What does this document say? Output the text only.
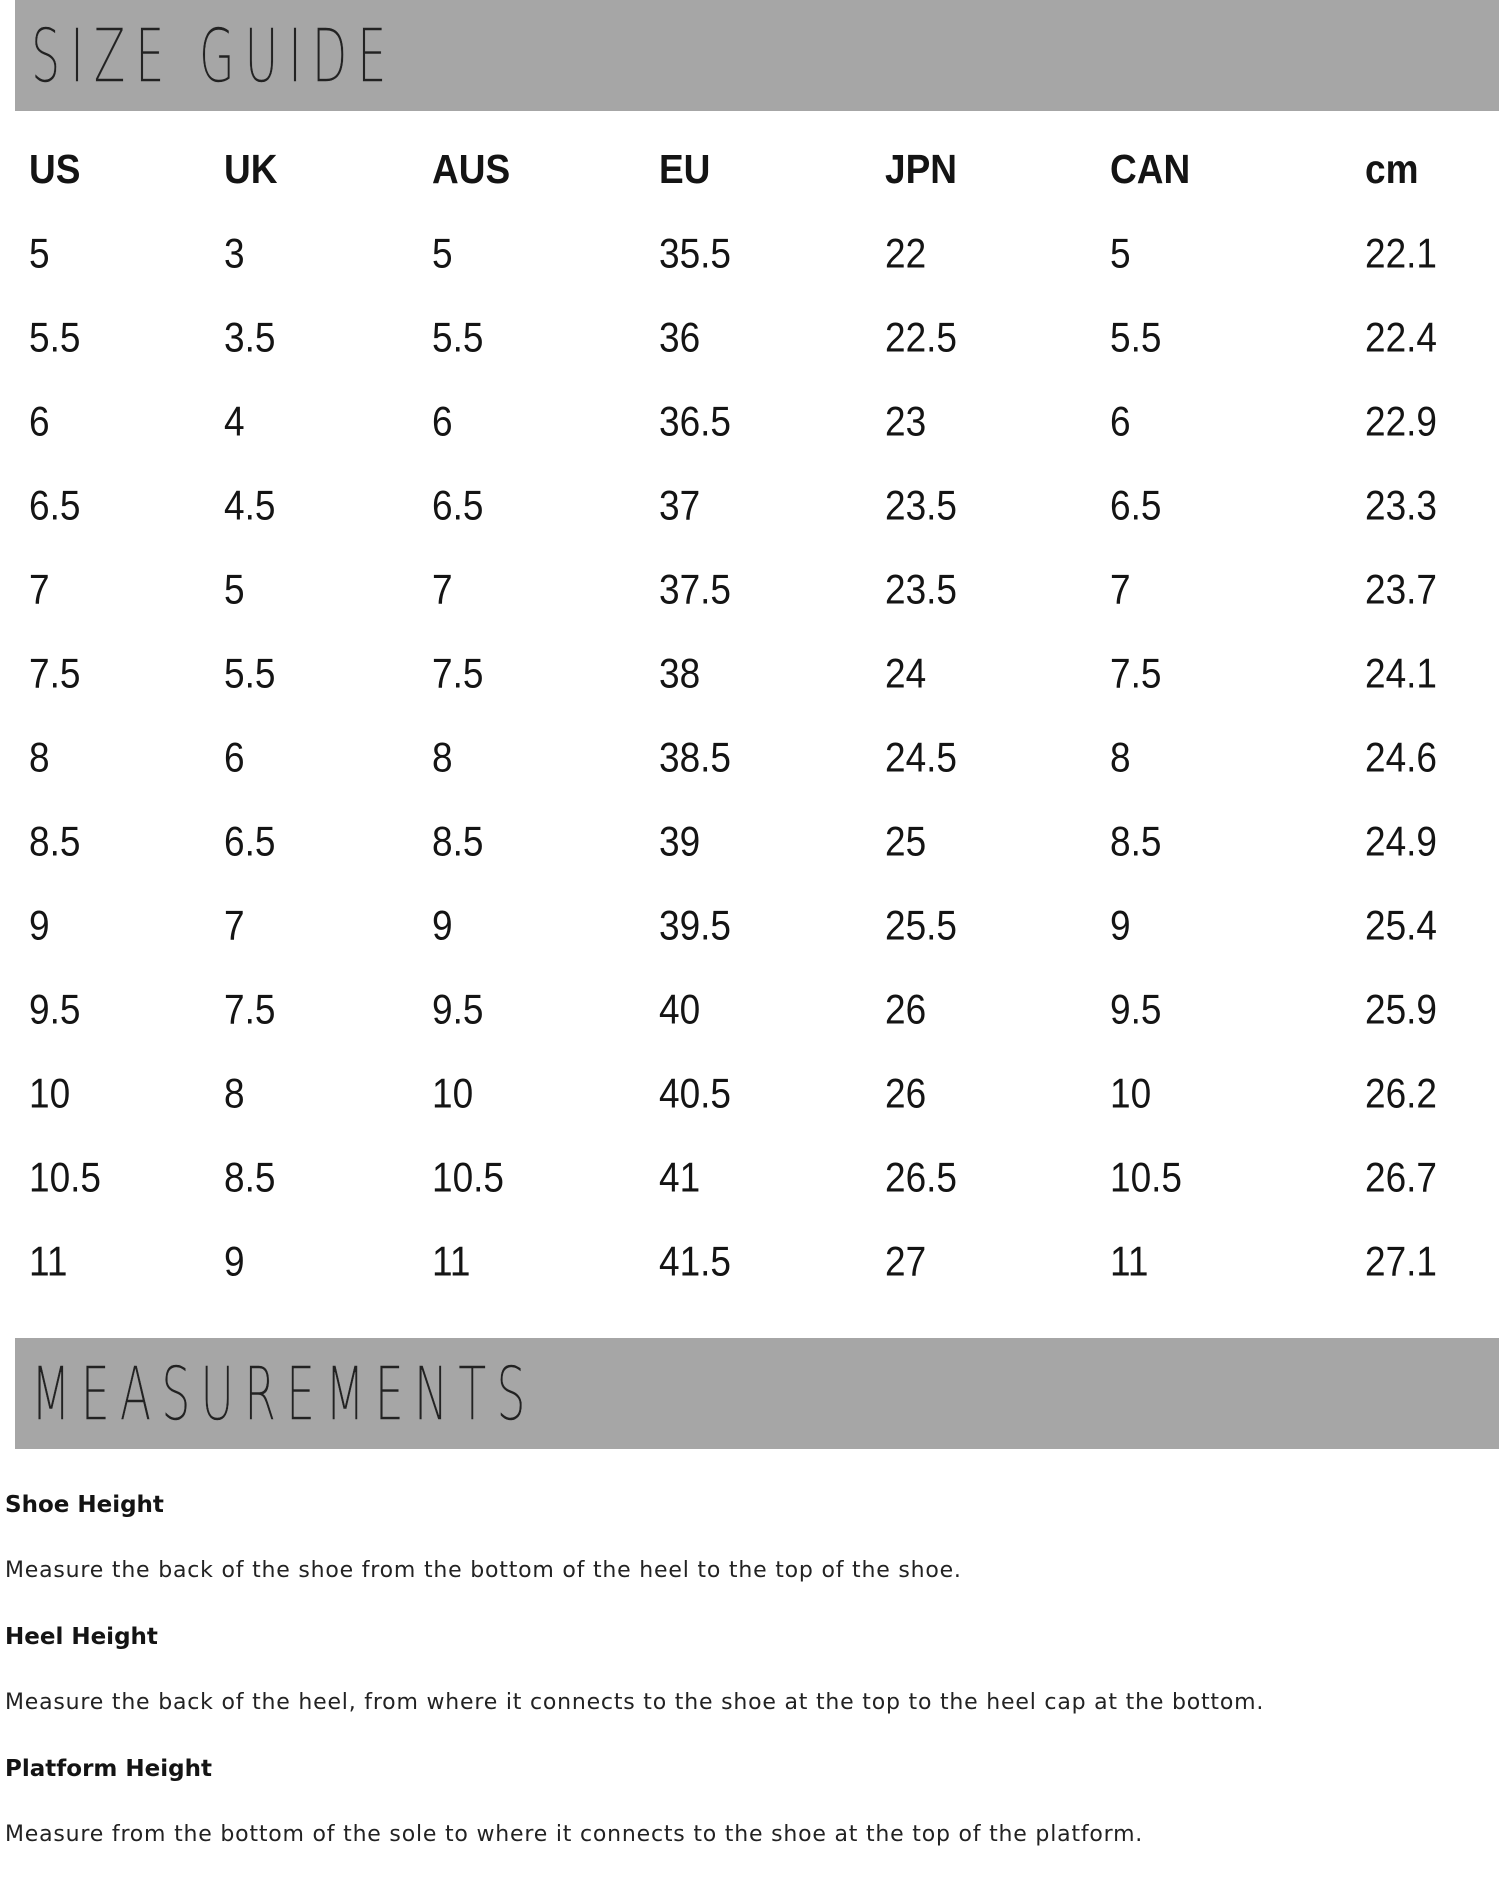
SIZE GUIDE
US	UK	AUS	EU	JPN	CAN	cm
5	3	5	35.5	22	5	22.1
5.5	3.5	5.5	36	22.5	5.5	22.4
6	4	6	36.5	23	6	22.9
6.5	4.5	6.5	37	23.5	6.5	23.3
7	5	7	37.5	23.5	7	23.7
7.5	5.5	7.5	38	24	7.5	24.1
8	6	8	38.5	24.5	8	24.6
8.5	6.5	8.5	39	25	8.5	24.9
9	7	9	39.5	25.5	9	25.4
9.5	7.5	9.5	40	26	9.5	25.9
10	8	10	40.5	26	10	26.2
10.5	8.5	10.5	41	26.5	10.5	26.7
11	9	11	41.5	27	11	27.1
MEASUREMENTS
Shoe Height
Measure the back of the shoe from the bottom of the heel to the top of the shoe.
Heel Height
Measure the back of the heel, from where it connects to the shoe at the top to the heel cap at the bottom.
Platform Height
Measure from the bottom of the sole to where it connects to the shoe at the top of the platform.
